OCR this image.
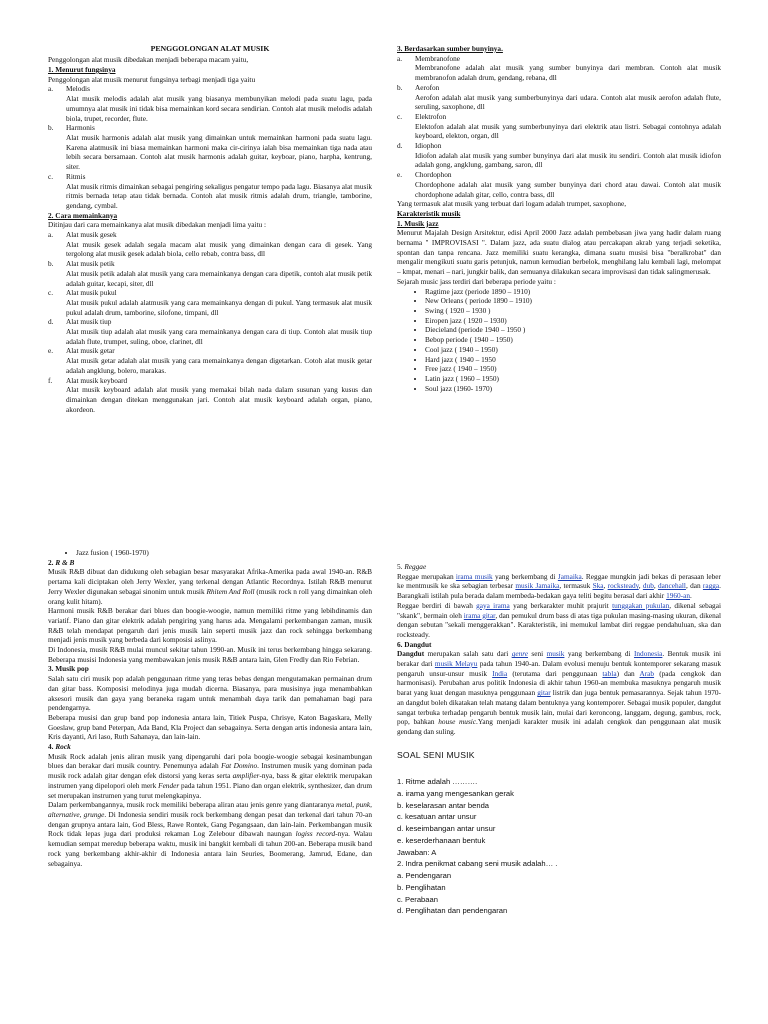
PENGGOLONGAN ALAT MUSIK
Penggolongan alat musik dibedakan menjadi beberapa macam yaitu,
1. Menurut fungsinya
Penggolongan alat musik menurut fungsinya terbagi menjadi tiga yaitu
a.	Melodis
Alat musik melodis adalah alat musik yang biasanya membunyikan melodi pada suatu lagu, pada umumnya alat musik ini tidak bisa memainkan kord secara sendirian. Contoh alat musik melodis adalah biola, trupet, recorder, flute.
b.	Harmonis
Alat musik harmonis adalah alat musik yang dimainkan untuk memainkan harmoni pada suatu lagu. Karena alatmusik ini biasa memainkan harmoni maka cir-cirinya ialah bisa memainkan tiga nada atau lebih secara bersamaan. Contoh alat musik harmonis adalah guitar, keyboar, piano, harpha, kentrung, siter.
c.	Ritmis
Alat musik ritmis dimainkan sebagai pengiring sekaligus pengatur tempo pada lagu. Biasanya alat musik ritmis bernada tetap atau tidak bernada. Contoh alat musik ritmis adalah drum, triangle, tamborine, gendang, cymbal.
2. Cara memainkanya
Ditinjau dari cara memainkanya alat musik dibedakan menjadi lima yaitu :
a.	Alat musik gesek
Alat musik gesek adalah segala macam alat musik yang dimainkan dengan cara di gesek. Yang tergolong alat musik gesek adalah biola, cello rebab, contra bass, dll
b.	Alat musik petik
Alat musik petik adalah alat musik yang cara memainkanya dengan cara dipetik, contoh alat musik petik adalah guitar, kecapi, siter, dll
c.	Alat musik pukul
Alat musik pukul adalah alatmusik yang cara memainkanya dengan di pukul. Yang termasuk alat musik pukul adalah drum, tamborine, silofone, timpani, dll
d.	Alat musik tiup
Alat musik tiup adalah alat musik yang cara memainkanya dengan cara di tiup. Contoh alat musik tiup adalah flute, trumpet, suling, oboe, clarinet, dll
e.	Alat musik getar
Alat musik getar adalah alat musik yang cara memainkanya dengan digetarkan. Cotoh alat musik getar adalah angklung, bolero, marakas.
f.	Alat musik keyboard
Alat musik keyboard adalah alat musik yang memakai bilah nada dalam susunan yang kusus dan dimainkan dengan ditekan menggunakan jari. Contoh alat musik keyboard adalah organ, piano, akordeon.
3. Berdasarkan sumber bunyinya.
a.	Membranofone
Membranofone adalah alat musik yang sumber bunyinya dari membran. Contoh alat musik membranofon adalah drum, gendang, rebana, dll
b.	Aerofon
Aerofon adalah alat musik yang sumberbunyinya dari udara. Contoh alat musik aerofon adalah flute, seruling, saxophone, dll
c.	Elektrofon
Elektofon adalah alat musik yang sumberbunyinya dari elektrik atau listri. Sebagai contohnya adalah keyboard, elekton, organ, dll
d.	Idiophon
Idiofon adalah alat musik yang sumber bunyinya dari alat musik itu sendiri. Contoh alat musik idiofon adalah gong, angklung, gambang, saron, dll
e.	Chordophon
Chordophone adalah alat musik yang sumber bunyinya dari chord atau dawai. Contoh alat musik chordophone adalah gitar, cello, contra bass, dll
Yang termasuk alat musik yang terbuat dari logam adalah trumpet, saxophone,
Karakteristik musik
1. Musik jazz
Menurut Majalah Design Arsitektur, edisi April 2000 Jazz adalah pembebasan jiwa yang hadir dalam ruang bernama " IMPROVISASI ". Dalam jazz, ada suatu dialog atau percakapan akrab yang terjadi seketika, spontan dan tanpa rencana. Jazz memiliki suatu kerangka, dimana suatu musisi bisa "beralkrobat" dan mengalir mengikuti suatu garis petunjuk, namun kemudian berbelok, menghilang lalu kembali lagi, melompat – kmpat, menari – nari, jungkir balik, dan semuanya dilakukan secara improvisasi dan tidak salingmerusak.
Sejarah music jass terdiri dari beberapa periode yaitu :
• Ragtime jazz (periode 1890 – 1910)
• New Orleans ( periode 1890 – 1910)
• Swing ( 1920 – 1930 )
• Eiropen jazz ( 1920 – 1930)
• Diecieland (periode 1940 – 1950 )
• Bebop periode ( 1940 – 1950)
• Cool jazz ( 1940 – 1950)
• Hard jazz ( 1940 – 1950
• Free jazz ( 1940 – 1950)
• Latin jazz ( 1960 – 1950)
• Soul jazz (1960- 1970)
• Jazz fusion ( 1960-1970)
2. R & B
Musik R&B dibuat dan didukung oleh sebagian besar masyarakat Afrika-Amerika pada awal 1940-an. R&B pertama kali diciptakan oleh Jerry Wexler, yang terkenal dengan Atlantic Recordnya. Istilah R&B menurut Jerry Wexler digunakan sebagai sinonim untuk musik Rhitem And Roll (musik rock n roll yang dimainkan oleh orang kulit hitam).
Harmoni musik R&B berakar dari blues dan boogie-woogie, namun memiliki ritme yang lebihdinamis dan variatif. Piano dan gitar elektrik adalah pengiring yang harus ada. Mengalami perkembangan zaman, musik R&B telah mendapat pengaruh dari jenis musik lain seperti musik jazz dan rock sehingga berkembang menjadi jenis musik yang berbeda dari komposisi aslinya.
Di Indonesia, musik R&B mulai muncul sekitar tahun 1990-an. Musik ini terus berkembang hingga sekarang. Beberapa musisi Indonesia yang membawakan jenis musik R&B antara lain, Glen Fredly dan Rio Febrian.
3. Musik pop
Salah satu ciri musik pop adalah penggunaan ritme yang teras bebas dengan mengutamakan permainan drum dan gitar bass. Komposisi melodinya juga mudah dicerna. Biasanya, para musisinya juga menambahkan aksesori musik dan gaya yang beraneka ragam untuk menambah daya tarik dan pemahaman bagi para pendengarnya.
Beberapa musisi dan grup band pop indonesia antara lain, Titiek Puspa, Chrisye, Katon Bagaskara, Melly Goeslaw, grup band Peterpan, Ada Band, Kla Project dan sebagainya. Serta dengan artis indonesia antara lain, Kris dayanti, Ari laso, Ruth Sahanaya, dan lain-lain.
4. Rock
Musik Rock adalah jenis aliran musik yang dipengaruhi dari pola boogie-woogie sebagai kesinambungan blues dan berakar dari musik country. Penemunya adalah Fat Domino. Instrumen musik yang dominan pada musik rock adalah gitar dengan efek distorsi yang keras serta amplifier-nya, bass & gitar elektrik merupakan instrumen yang dipelopori oleh merk Fender pada tahun 1951. Piano dan organ elektrik, synthesizer, dan drum set merupakan instrumen yang turut melengkapinya.
Dalam perkembangannya, musik rock memiliki beberapa aliran atau jenis genre yang diantaranya metal, punk, alternative, grunge. Di Indonesia sendiri musik rock berkembang dengan pesat dan terkenal dari tahun 70-an dengan grupnya antara lain, God Bless, Rawe Rontek, Gang Pegangsaan, dan lain-lain. Perkembangan musik Rock tidak lepas juga dari produksi rekaman Log Zelebour dibawah naungan logiss record-nya. Walau kemudian sempat meredup beberapa waktu, musik ini bangkit kembali di tahun 200-an. Beberapa musik band rock yang berkembang akhir-akhir di Indonesia antara lain Seuries, Boomerang, Jamrud, Edane, dan sebagainya.
5. Reggae
Reggae merupakan irama musik yang berkembang di Jamaika. Reggae mungkin jadi bekas di perasaan leber ke mentmusik ke ska sebagian terbesar musik Jamaika, termasuk Ska, rocksteady, dub, dancehall, dan ragga. Barangkali istilah pula berada dalam membeda-bedakan gaya teliti begitu berasal dari akhir 1960-an.
Reggae berdiri di bawah gaya irama yang berkarakter muhit prajurit tunggakan pukulan, dikenal sebagai "skank", bermain oleh irama gitar, dan pemukul drum bass di atas tiga pukulan masing-masing ukuran, dikenal dengan sebutan "sekali menggerakkan". Karakteristik, ini memukul lambat diri reggae pendahuluan, ska dan rocksteady.
6. Dangdut
Dangdut merupakan salah satu dari genre seni musik yang berkembang di Indonesia. Bentuk musik ini berakar dari musik Melayu pada tahun 1940-an. Dalam evolusi menuju bentuk kontemporer sekarang masuk pengaruh unsur-unsur musik India (terutama dari penggunaan tabla) dan Arab (pada cengkok dan harmonisasi). Perubahan arus politik Indonesia di akhir tahun 1960-an membuka masuknya pengaruh musik barat yang kuat dengan masuknya penggunaan gitar listrik dan juga bentuk pemasarannya. Sejak tahun 1970-an dangdut boleh dikatakan telah matang dalam bentuknya yang kontemporer. Sebagai musik populer, dangdut sangat terbuka terhadap pengaruh bentuk musik lain, mulai dari keroncong, langgam, degung, gambus, rock, pop, bahkan house music.Yang menjadi karakter musik ini adalah cengkok dan penggunaan alat musik gendang dan suling.
SOAL SENI MUSIK
1. Ritme adalah ……….
a. irama yang mengesankan gerak
b. keselarasan antar benda
c. kesatuan antar unsur
d. keseimbangan antar unsur
e. keserderhanaan bentuk
Jawaban: A
2. Indra penikmat cabang seni musik adalah… .
a. Pendengaran
b. Penglihatan
c. Perabaan
d. Penglihatan dan pendengaran
